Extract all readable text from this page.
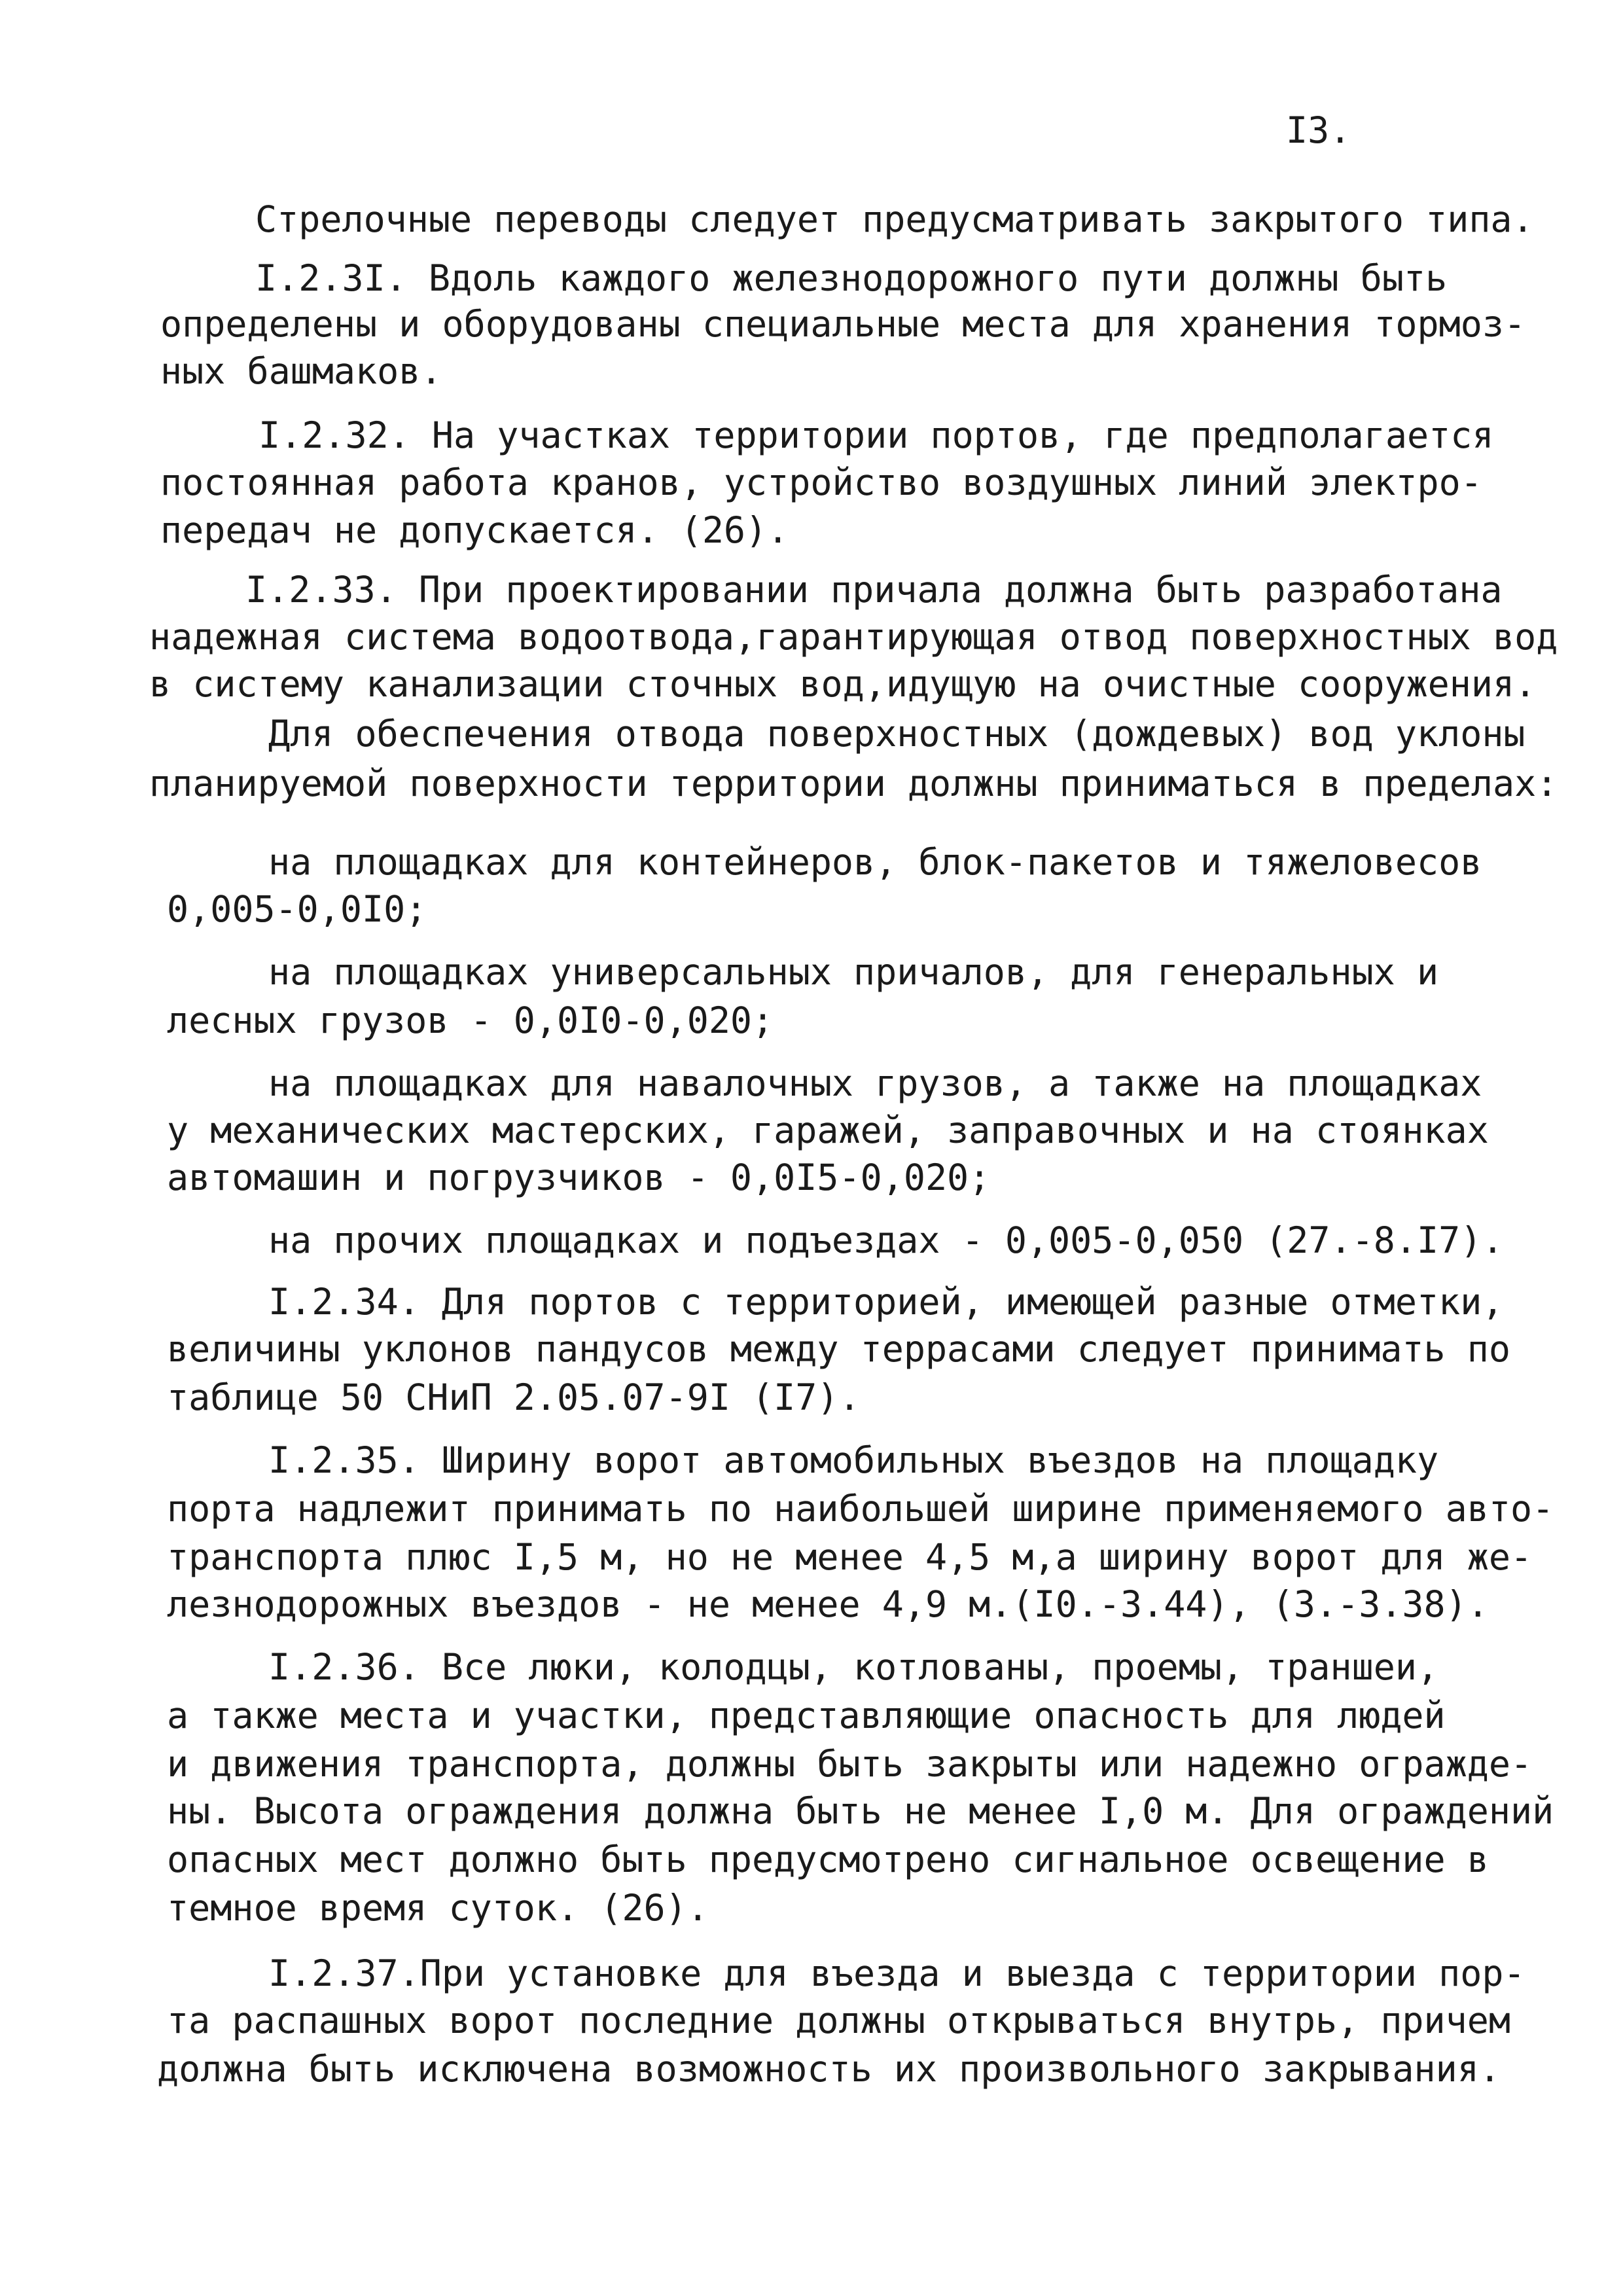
I3.
Стрелочные переводы следует предусматривать закрытого типа.
I.2.3I. Вдоль каждого железнодорожного пути должны быть
определены и оборудованы специальные места для хранения тормоз-
ных башмаков.
I.2.32. На участках территории портов, где предполагается
постоянная работа кранов, устройство воздушных линий электро-
передач не допускается. (26).
I.2.33. При проектировании причала должна быть разработана
надежная система водоотвода,гарантирующая отвод поверхностных вод
в систему канализации сточных вод,идущую на очистные сооружения.
Для обеспечения отвода поверхностных (дождевых) вод уклоны
планируемой поверхности территории должны приниматься в пределах:
на площадках для контейнеров, блок-пакетов и тяжеловесов
0,005-0,0I0;
на площадках универсальных причалов, для генеральных и
лесных грузов - 0,0I0-0,020;
на площадках для навалочных грузов, а также на площадках
у механических мастерских, гаражей, заправочных и на стоянках
автомашин и погрузчиков - 0,0I5-0,020;
на прочих площадках и подъездах - 0,005-0,050 (27.-8.I7).
I.2.34. Для портов с территорией, имеющей разные отметки,
величины уклонов пандусов между террасами следует принимать по
таблице 50 СНиП 2.05.07-9I (I7).
I.2.35. Ширину ворот автомобильных въездов на площадку
порта надлежит принимать по наибольшей ширине применяемого авто-
транспорта плюс I,5 м, но не менее 4,5 м,а ширину ворот для же-
лезнодорожных въездов - не менее 4,9 м.(I0.-3.44), (3.-3.38).
I.2.36. Все люки, колодцы, котлованы, проемы, траншеи,
а также места и участки, представляющие опасность для людей
и движения транспорта, должны быть закрыты или надежно огражде-
ны. Высота ограждения должна быть не менее I,0 м. Для ограждений
опасных мест должно быть предусмотрено сигнальное освещение в
темное время суток. (26).
I.2.37.При установке для въезда и выезда с территории пор-
та распашных ворот последние должны открываться внутрь, причем
должна быть исключена возможность их произвольного закрывания.
